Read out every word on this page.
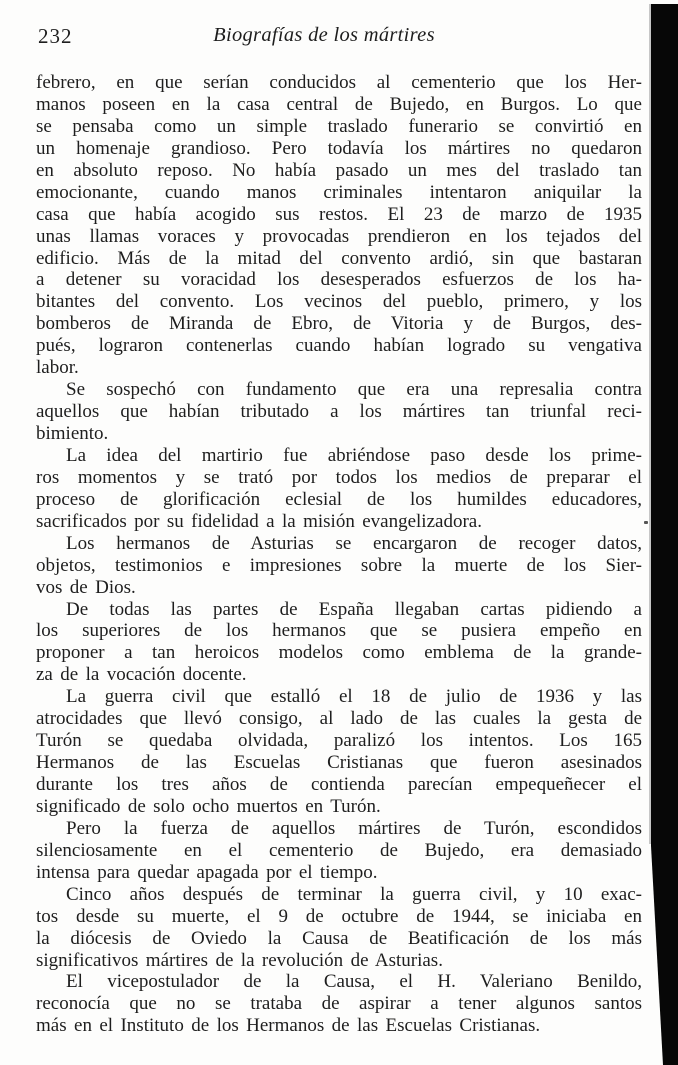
232	Biografías de los mártires
febrero, en que serían conducidos al cementerio que los Her-
manos poseen en la casa central de Bujedo, en Burgos. Lo que
se pensaba como un simple traslado funerario se convirtió en
un homenaje grandioso. Pero todavía los mártires no quedaron
en absoluto reposo. No había pasado un mes del traslado tan
emocionante, cuando manos criminales intentaron aniquilar la
casa que había acogido sus restos. El 23 de marzo de 1935
unas llamas voraces y provocadas prendieron en los tejados del
edificio. Más de la mitad del convento ardió, sin que bastaran
a detener su voracidad los desesperados esfuerzos de los ha-
bitantes del convento. Los vecinos del pueblo, primero, y los
bomberos de Miranda de Ebro, de Vitoria y de Burgos, des-
pués, lograron contenerlas cuando habían logrado su vengativa
labor.
Se sospechó con fundamento que era una represalia contra
aquellos que habían tributado a los mártires tan triunfal reci-
bimiento.
La idea del martirio fue abriéndose paso desde los prime-
ros momentos y se trató por todos los medios de preparar el
proceso de glorificación eclesial de los humildes educadores,
sacrificados por su fidelidad a la misión evangelizadora.
Los hermanos de Asturias se encargaron de recoger datos,
objetos, testimonios e impresiones sobre la muerte de los Sier-
vos de Dios.
De todas las partes de España llegaban cartas pidiendo a
los superiores de los hermanos que se pusiera empeño en
proponer a tan heroicos modelos como emblema de la grande-
za de la vocación docente.
La guerra civil que estalló el 18 de julio de 1936 y las
atrocidades que llevó consigo, al lado de las cuales la gesta de
Turón se quedaba olvidada, paralizó los intentos. Los 165
Hermanos de las Escuelas Cristianas que fueron asesinados
durante los tres años de contienda parecían empequeñecer el
significado de solo ocho muertos en Turón.
Pero la fuerza de aquellos mártires de Turón, escondidos
silenciosamente en el cementerio de Bujedo, era demasiado
intensa para quedar apagada por el tiempo.
Cinco años después de terminar la guerra civil, y 10 exac-
tos desde su muerte, el 9 de octubre de 1944, se iniciaba en
la diócesis de Oviedo la Causa de Beatificación de los más
significativos mártires de la revolución de Asturias.
El vicepostulador de la Causa, el H. Valeriano Benildo,
reconocía que no se trataba de aspirar a tener algunos santos
más en el Instituto de los Hermanos de las Escuelas Cristianas.
